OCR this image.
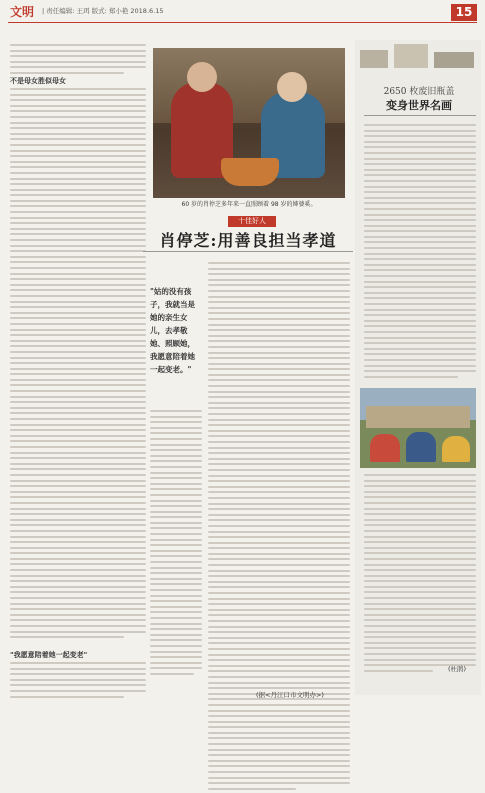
文明 | 责任编辑: 王珥 版式: 郑小艳 2018.6.15	15
不是母女胜似母女
"我愿意陪着她一起变老"
60 岁的肖停芝多年来一直照顾着 98 岁的婶婆奚。
十佳好人
肖停芝:用善良担当孝道
"姑的没有孩子，我就当是她的亲生女儿，去孝敬她、照顾她，我愿意陪着她一起变老。"
(据<丹江口市文明办>)
2650 枚废旧瓶盖
变身世界名画
(杜鹃)
